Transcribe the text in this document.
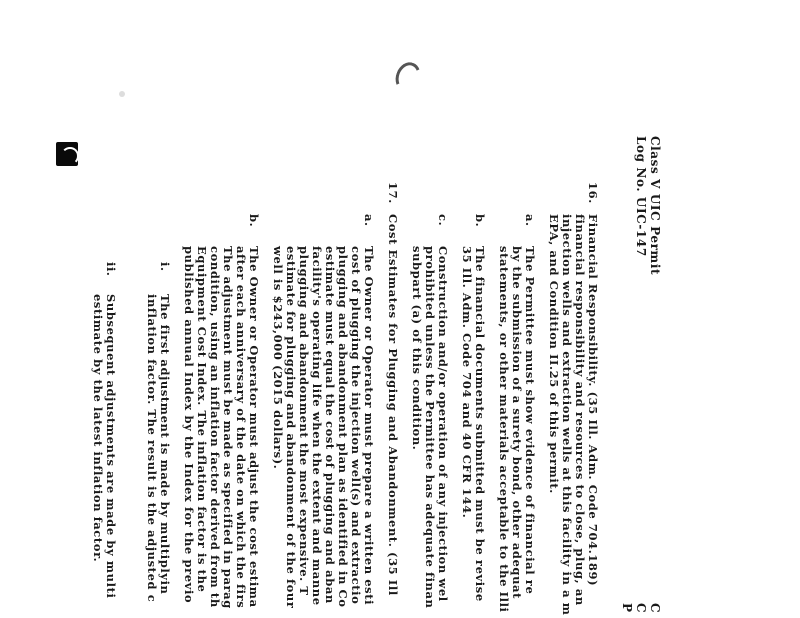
Class V UIC Permit
Log No. UIC-147
C
C
P
16.
Financial Responsibility. (35 Ill. Adm. Code 704.189)
financial responsibility and resources to close, plug, an
injection wells and extraction wells at this facility in a m
EPA, and Condition II.25 of this permit.
a.
The Permittee must show evidence of financial re
by the submission of a surety bond, other adequat
statements, or other materials acceptable to the Illi
b.
The financial documents submitted must be revise
35 Ill. Adm. Code 704 and 40 CFR 144.
c.
Construction and/or operation of any injection wel
prohibited unless the Permittee has adequate finan
subpart (a) of this condition.
17.
Cost Estimates for Plugging and Abandonment. (35 Ill
a.
The Owner or Operator must prepare a written esti
cost of plugging the injection well(s) and extractio
plugging and abandonment plan as identified in Co
estimate must equal the cost of plugging and aban
facility's operating life when the extent and manne
plugging and abandonment the most expensive. T
estimate for plugging and abandonment of the four
well is $243,000 (2015 dollars).
b.
The Owner or Operator must adjust the cost estima
after each anniversary of the date on which the firs
The adjustment must be made as specified in parag
condition, using an inflation factor derived from th
Equipment Cost Index. The inflation factor is the
published annual Index by the Index for the previo
i.
The first adjustment is made by multiplyin
inflation factor. The result is the adjusted c
ii.
Subsequent adjustments are made by multi
estimate by the latest inflation factor.
